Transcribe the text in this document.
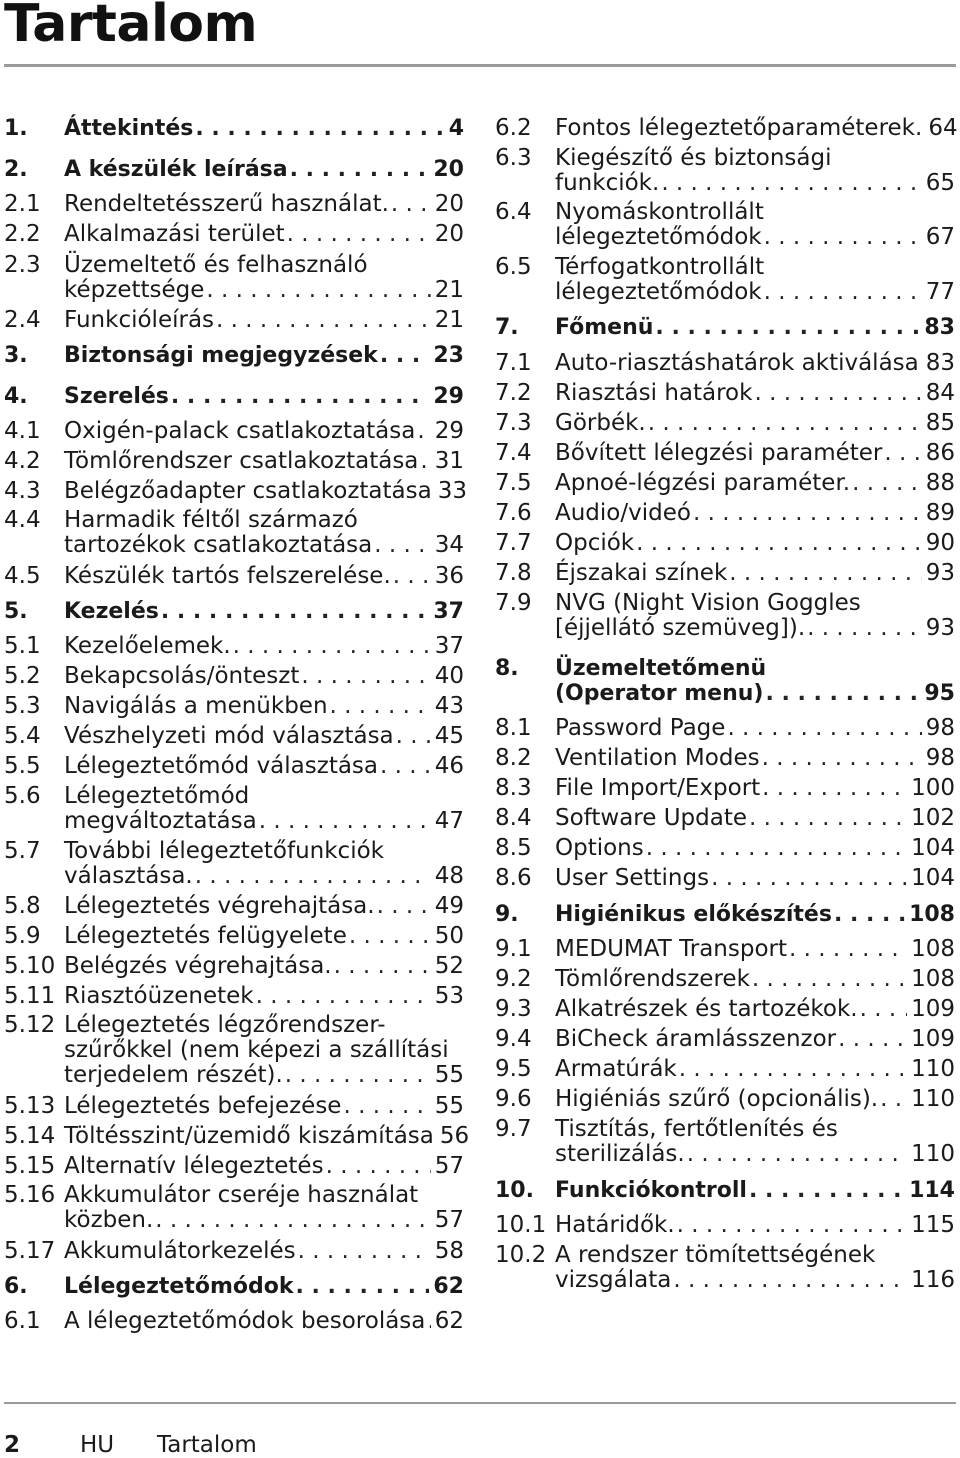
Tartalom
1. Áttekintés . . .	4
2. A készülék leírása . . .	20
2.1 Rendeltetésszerű használat. . . . 20
2.2 Alkalmazási terület . . .	20
2.3 Üzemeltető és felhasználó
képzettsége . . .	21
2.4 Funkcióleírás . . .	21
3. Biztonsági megjegyzések . . .	23
4. Szerelés . . .	29
4.1 Oxigén-palack csatlakoztatása . . . 29
4.2 Tömlőrendszer csatlakoztatása . . . 31
4.3 Belégzőadapter csatlakoztatása 33
4.4 Harmadik féltől származó
tartozékok csatlakoztatása . . .	34
4.5 Készülék tartós felszerelése. . . . 36
5. Kezelés . . .	37
5.1 Kezelőelemek. . . .	37
5.2 Bekapcsolás/önteszt . . .	40
5.3 Navigálás a menükben . . .	43
5.4 Vészhelyzeti mód választása . . . 45
5.5 Lélegeztetőmód választása . . . 46
5.6 Lélegeztetőmód
megváltoztatása . . .	47
5.7 További lélegeztetőfunkciók
választása. . . .	48
5.8 Lélegeztetés végrehajtása. . . .	49
5.9 Lélegeztetés felügyelete . . .	50
5.10 Belégzés végrehajtása. . . .	52
5.11 Riasztóüzenetek . . .	53
5.12 Lélegeztetés légzőrendszer-
szűrőkkel (nem képezi a szállítási
terjedelem részét). . . .	55
5.13 Lélegeztetés befejezése . . .	55
5.14 Töltésszint/üzemidő kiszámítása 56
5.15 Alternatív lélegeztetés . . .	57
5.16 Akkumulátor cseréje használat
közben. . . .	57
5.17 Akkumulátorkezelés . . .	58
6. Lélegeztetőmódok . . .	62
6.1 A lélegeztetőmódok besorolása . . . 62
6.2 Fontos lélegeztetőparaméterek. 64
6.3 Kiegészítő és biztonsági
funkciók. . . .	65
6.4 Nyomáskontrollált
lélegeztetőmódok . . .	67
6.5 Térfogatkontrollált
lélegeztetőmódok . . .	77
7. Főmenü . . .	83
7.1 Auto-riasztáshatárok aktiválása . . . 83
7.2 Riasztási határok . . .	84
7.3 Görbék. . . .	85
7.4 Bővített lélegzési paraméter . . . 86
7.5 Apnoé-légzési paraméter. . . .	88
7.6 Audio/videó . . .	89
7.7 Opciók . . .	90
7.8 Éjszakai színek . . .	93
7.9 NVG (Night Vision Goggles
[éjjellátó szemüveg]). . . .	93
8. Üzemeltetőmenü
(Operator menu) . . .	95
8.1 Password Page . . .	98
8.2 Ventilation Modes . . .	98
8.3 File Import/Export . . .	100
8.4 Software Update . . .	102
8.5 Options . . .	104
8.6 User Settings . . .	104
9. Higiénikus előkészítés . . .	108
9.1 MEDUMAT Transport . . .	108
9.2 Tömlőrendszerek . . .	108
9.3 Alkatrészek és tartozékok. . . . 109
9.4 BiCheck áramlásszenzor . . .	109
9.5 Armatúrák . . .	110
9.6 Higiéniás szűrő (opcionális). . . . 110
9.7 Tisztítás, fertőtlenítés és
sterilizálás. . . .	110
10. Funkciókontroll . . .	114
10.1 Határidők. . . .	115
10.2 A rendszer tömítettségének
vizsgálata . . .	116
2	HU Tartalom
